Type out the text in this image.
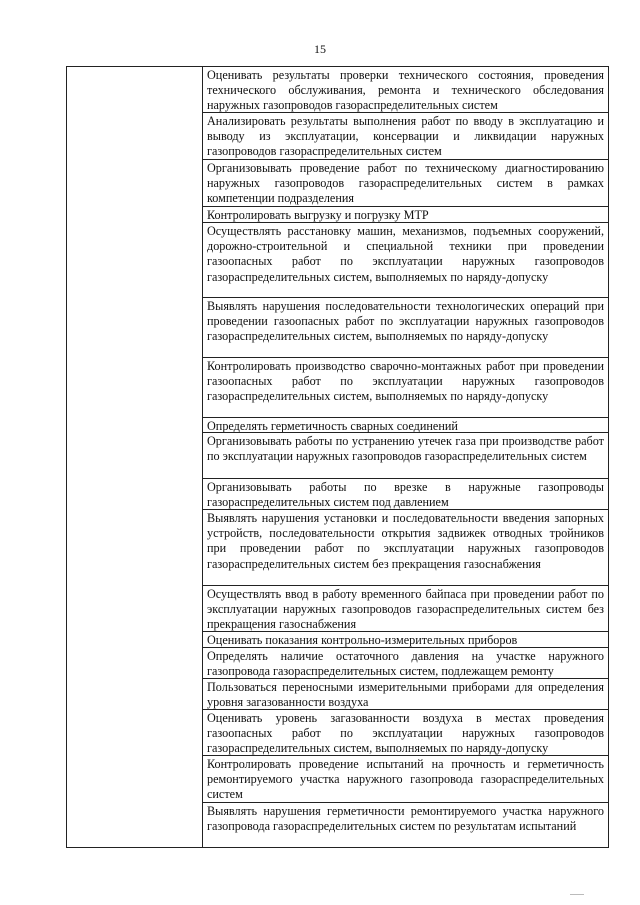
15
Оценивать результаты проверки технического состояния, проведения технического обслуживания, ремонта и технического обследования наружных газопроводов газораспределительных систем
Анализировать результаты выполнения работ по вводу в эксплуатацию и выводу из эксплуатации, консервации и ликвидации наружных газопроводов газораспределительных систем
Организовывать проведение работ по техническому диагностированию наружных газопроводов газораспределительных систем в рамках компетенции подразделения
Контролировать выгрузку и погрузку МТР
Осуществлять расстановку машин, механизмов, подъемных сооружений, дорожно-строительной и специальной техники при проведении газоопасных работ по эксплуатации наружных газопроводов газораспределительных систем, выполняемых по наряду-допуску
Выявлять нарушения последовательности технологических операций при проведении газоопасных работ по эксплуатации наружных газопроводов газораспределительных систем, выполняемых по наряду-допуску
Контролировать производство сварочно-монтажных работ при проведении газоопасных работ по эксплуатации наружных газопроводов газораспределительных систем, выполняемых по наряду-допуску
Определять герметичность сварных соединений
Организовывать работы по устранению утечек газа при производстве работ по эксплуатации наружных газопроводов газораспределительных систем
Организовывать работы по врезке в наружные газопроводы газораспределительных систем под давлением
Выявлять нарушения установки и последовательности введения запорных устройств, последовательности открытия задвижек отводных тройников при проведении работ по эксплуатации наружных газопроводов газораспределительных систем без прекращения газоснабжения
Осуществлять ввод в работу временного байпаса при проведении работ по эксплуатации наружных газопроводов газораспределительных систем без прекращения газоснабжения
Оценивать показания контрольно-измерительных приборов
Определять наличие остаточного давления на участке наружного газопровода газораспределительных систем, подлежащем ремонту
Пользоваться переносными измерительными приборами для определения уровня загазованности воздуха
Оценивать уровень загазованности воздуха в местах проведения газоопасных работ по эксплуатации наружных газопроводов газораспределительных систем, выполняемых по наряду-допуску
Контролировать проведение испытаний на прочность и герметичность ремонтируемого участка наружного газопровода газораспределительных систем
Выявлять нарушения герметичности ремонтируемого участка наружного газопровода газораспределительных систем по результатам испытаний
